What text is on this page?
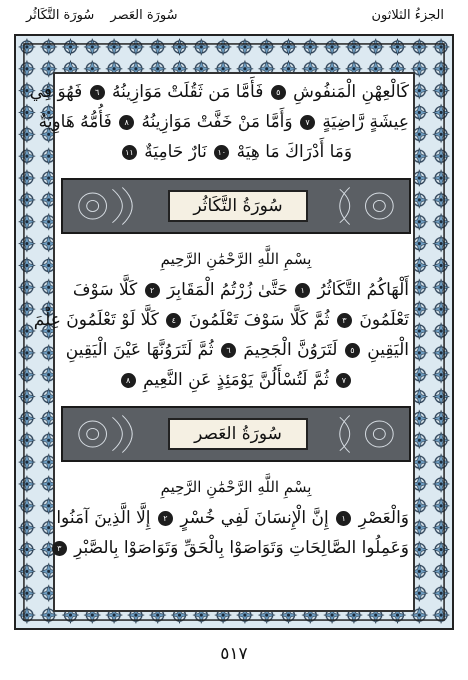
الجزءُ الثلاثون
سُورَة العَصر سُورَة التَّكَاثُر
كَالْعِهْنِ الْمَنفُوشِ ٥ فَأَمَّا مَن ثَقُلَتْ مَوَازِينُهُ ٦ فَهُوَ فِي
عِيشَةٍ رَّاضِيَةٍ ٧ وَأَمَّا مَنْ خَفَّتْ مَوَازِينُهُ ٨ فَأُمُّهُ هَاوِيَةٌ
وَمَا أَدْرَاكَ مَا هِيَهْ ١٠ نَارٌ حَامِيَةٌ ١١
سُورَةُ التَّكَاثُر
بِسْمِ اللَّهِ الرَّحْمَٰنِ الرَّحِيمِ
أَلْهَاكُمُ التَّكَاثُرُ ١ حَتَّىٰ زُرْتُمُ الْمَقَابِرَ ٢ كَلَّا سَوْفَ
تَعْلَمُونَ ٣ ثُمَّ كَلَّا سَوْفَ تَعْلَمُونَ ٤ كَلَّا لَوْ تَعْلَمُونَ عِلْمَ
الْيَقِينِ ٥ لَتَرَوُنَّ الْجَحِيمَ ٦ ثُمَّ لَتَرَوُنَّهَا عَيْنَ الْيَقِينِ
٧ ثُمَّ لَتُسْأَلُنَّ يَوْمَئِذٍ عَنِ النَّعِيمِ ٨
سُورَةُ العَصر
بِسْمِ اللَّهِ الرَّحْمَٰنِ الرَّحِيمِ
وَالْعَصْرِ ١ إِنَّ الْإِنسَانَ لَفِي خُسْرٍ ٢ إِلَّا الَّذِينَ آمَنُوا
وَعَمِلُوا الصَّالِحَاتِ وَتَوَاصَوْا بِالْحَقِّ وَتَوَاصَوْا بِالصَّبْرِ ٣
٥١٧
